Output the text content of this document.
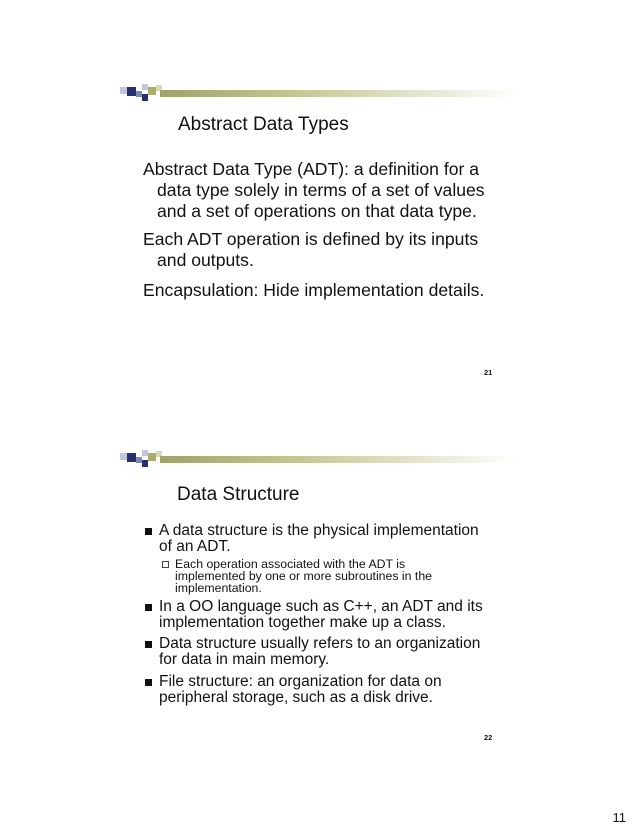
Abstract Data Types

Abstract Data Type (ADT): a definition for a
data type solely in terms of a set of values
and a set of operations on that data type.

Each ADT operation is defined by its inputs
and outputs.

Encapsulation: Hide implementation details.

21
Data Structure
A data structure is the physical implementation
of an ADT.
Each operation associated with the ADT is
implemented by one or more subroutines in the
implementation.
In a OO language such as C++, an ADT and its
implementation together make up a class.
Data structure usually refers to an organization
for data in main memory.
File structure: an organization for data on
peripheral storage, such as a disk drive.
22
11
